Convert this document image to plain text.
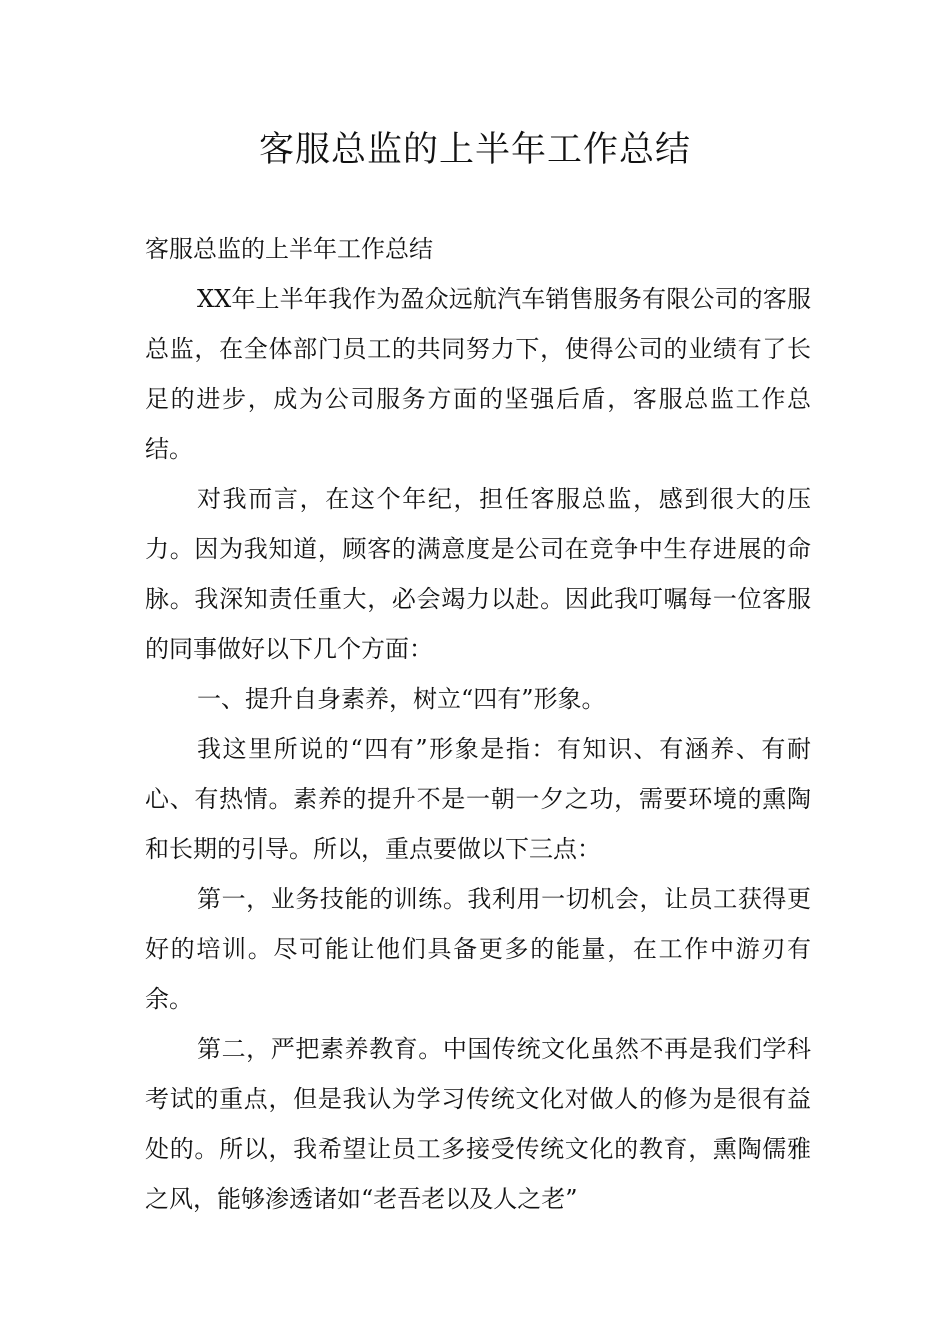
客服总监的上半年工作总结

客服总监的上半年工作总结

XX年上半年我作为盈众远航汽车销售服务有限公司的客服总监，在全体部门员工的共同努力下，使得公司的业绩有了长足的进步，成为公司服务方面的坚强后盾，客服总监工作总结。

对我而言，在这个年纪，担任客服总监，感到很大的压力。因为我知道，顾客的满意度是公司在竞争中生存进展的命脉。我深知责任重大，必会竭力以赴。因此我叮嘱每一位客服的同事做好以下几个方面：

一、提升自身素养，树立“四有”形象。

我这里所说的“四有”形象是指：有知识、有涵养、有耐心、有热情。素养的提升不是一朝一夕之功，需要环境的熏陶和长期的引导。所以，重点要做以下三点：

第一，业务技能的训练。我利用一切机会，让员工获得更好的培训。尽可能让他们具备更多的能量，在工作中游刃有余。

第二，严把素养教育。中国传统文化虽然不再是我们学科考试的重点，但是我认为学习传统文化对做人的修为是很有益处的。所以，我希望让员工多接受传统文化的教育，熏陶儒雅之风，能够渗透诸如“老吾老以及人之老”
